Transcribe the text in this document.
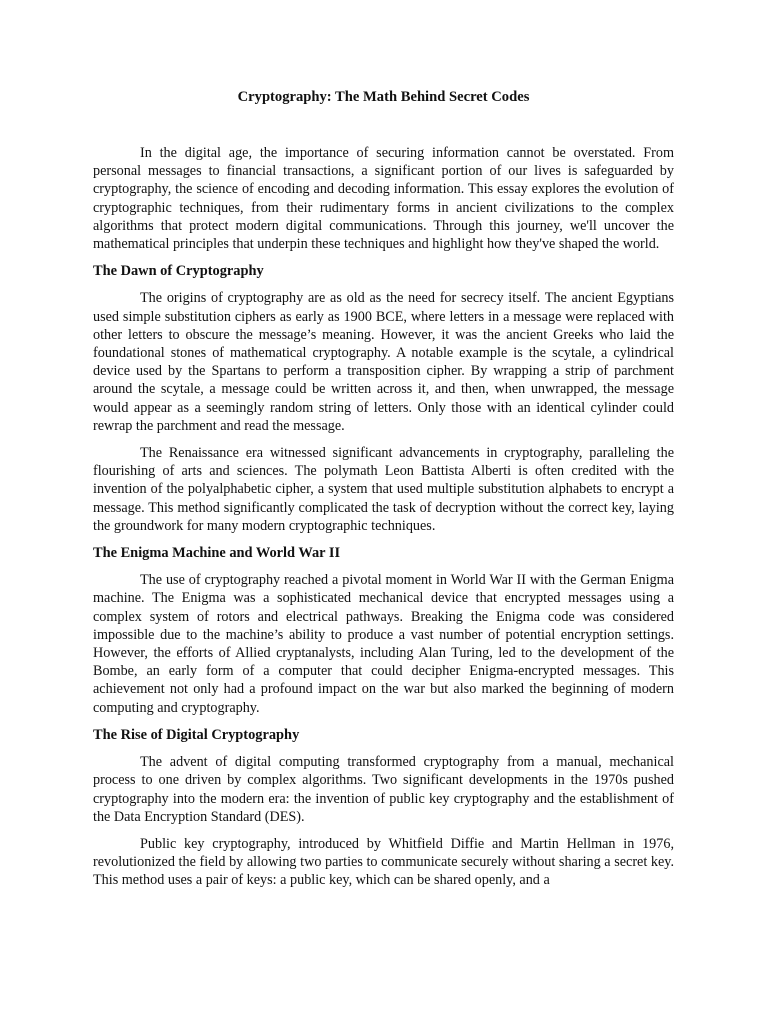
Cryptography: The Math Behind Secret Codes

In the digital age, the importance of securing information cannot be overstated. From personal messages to financial transactions, a significant portion of our lives is safeguarded by cryptography, the science of encoding and decoding information. This essay explores the evolution of cryptographic techniques, from their rudimentary forms in ancient civilizations to the complex algorithms that protect modern digital communications. Through this journey, we'll uncover the mathematical principles that underpin these techniques and highlight how they've shaped the world.

The Dawn of Cryptography

The origins of cryptography are as old as the need for secrecy itself. The ancient Egyptians used simple substitution ciphers as early as 1900 BCE, where letters in a message were replaced with other letters to obscure the message’s meaning. However, it was the ancient Greeks who laid the foundational stones of mathematical cryptography. A notable example is the scytale, a cylindrical device used by the Spartans to perform a transposition cipher. By wrapping a strip of parchment around the scytale, a message could be written across it, and then, when unwrapped, the message would appear as a seemingly random string of letters. Only those with an identical cylinder could rewrap the parchment and read the message.

The Renaissance era witnessed significant advancements in cryptography, paralleling the flourishing of arts and sciences. The polymath Leon Battista Alberti is often credited with the invention of the polyalphabetic cipher, a system that used multiple substitution alphabets to encrypt a message. This method significantly complicated the task of decryption without the correct key, laying the groundwork for many modern cryptographic techniques.

The Enigma Machine and World War II

The use of cryptography reached a pivotal moment in World War II with the German Enigma machine. The Enigma was a sophisticated mechanical device that encrypted messages using a complex system of rotors and electrical pathways. Breaking the Enigma code was considered impossible due to the machine’s ability to produce a vast number of potential encryption settings. However, the efforts of Allied cryptanalysts, including Alan Turing, led to the development of the Bombe, an early form of a computer that could decipher Enigma-encrypted messages. This achievement not only had a profound impact on the war but also marked the beginning of modern computing and cryptography.

The Rise of Digital Cryptography

The advent of digital computing transformed cryptography from a manual, mechanical process to one driven by complex algorithms. Two significant developments in the 1970s pushed cryptography into the modern era: the invention of public key cryptography and the establishment of the Data Encryption Standard (DES).

Public key cryptography, introduced by Whitfield Diffie and Martin Hellman in 1976, revolutionized the field by allowing two parties to communicate securely without sharing a secret key. This method uses a pair of keys: a public key, which can be shared openly, and a
